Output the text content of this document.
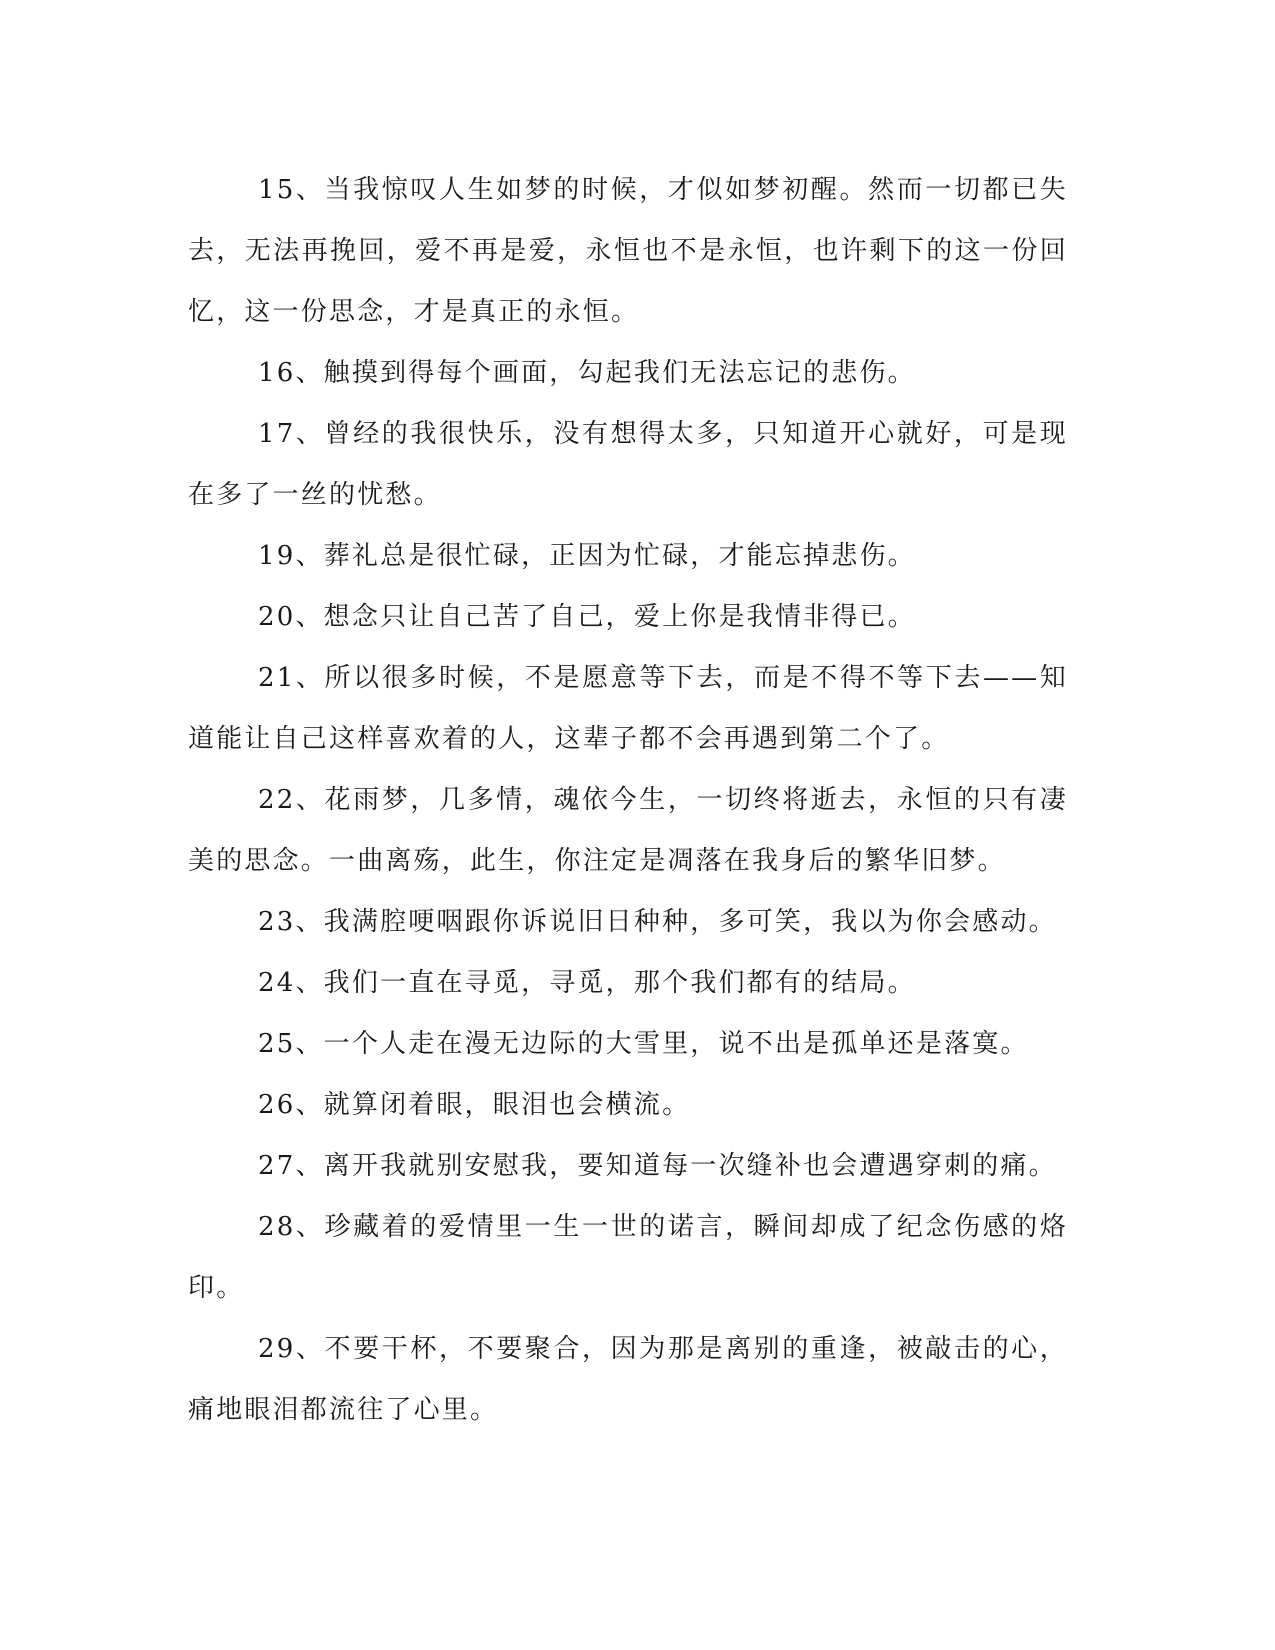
15、当我惊叹人生如梦的时候，才似如梦初醒。然而一切都已失去，无法再挽回，爱不再是爱，永恒也不是永恒，也许剩下的这一份回忆，这一份思念，才是真正的永恒。

16、触摸到得每个画面，勾起我们无法忘记的悲伤。

17、曾经的我很快乐，没有想得太多，只知道开心就好，可是现在多了一丝的忧愁。

19、葬礼总是很忙碌，正因为忙碌，才能忘掉悲伤。

20、想念只让自己苦了自己，爱上你是我情非得已。

21、所以很多时候，不是愿意等下去，而是不得不等下去——知道能让自己这样喜欢着的人，这辈子都不会再遇到第二个了。

22、花雨梦，几多情，魂依今生，一切终将逝去，永恒的只有凄美的思念。一曲离殇，此生，你注定是凋落在我身后的繁华旧梦。

23、我满腔哽咽跟你诉说旧日种种，多可笑，我以为你会感动。

24、我们一直在寻觅，寻觅，那个我们都有的结局。

25、一个人走在漫无边际的大雪里，说不出是孤单还是落寞。

26、就算闭着眼，眼泪也会横流。

27、离开我就别安慰我，要知道每一次缝补也会遭遇穿刺的痛。

28、珍藏着的爱情里一生一世的诺言，瞬间却成了纪念伤感的烙印。

29、不要干杯，不要聚合，因为那是离别的重逢，被敲击的心，痛地眼泪都流往了心里。
